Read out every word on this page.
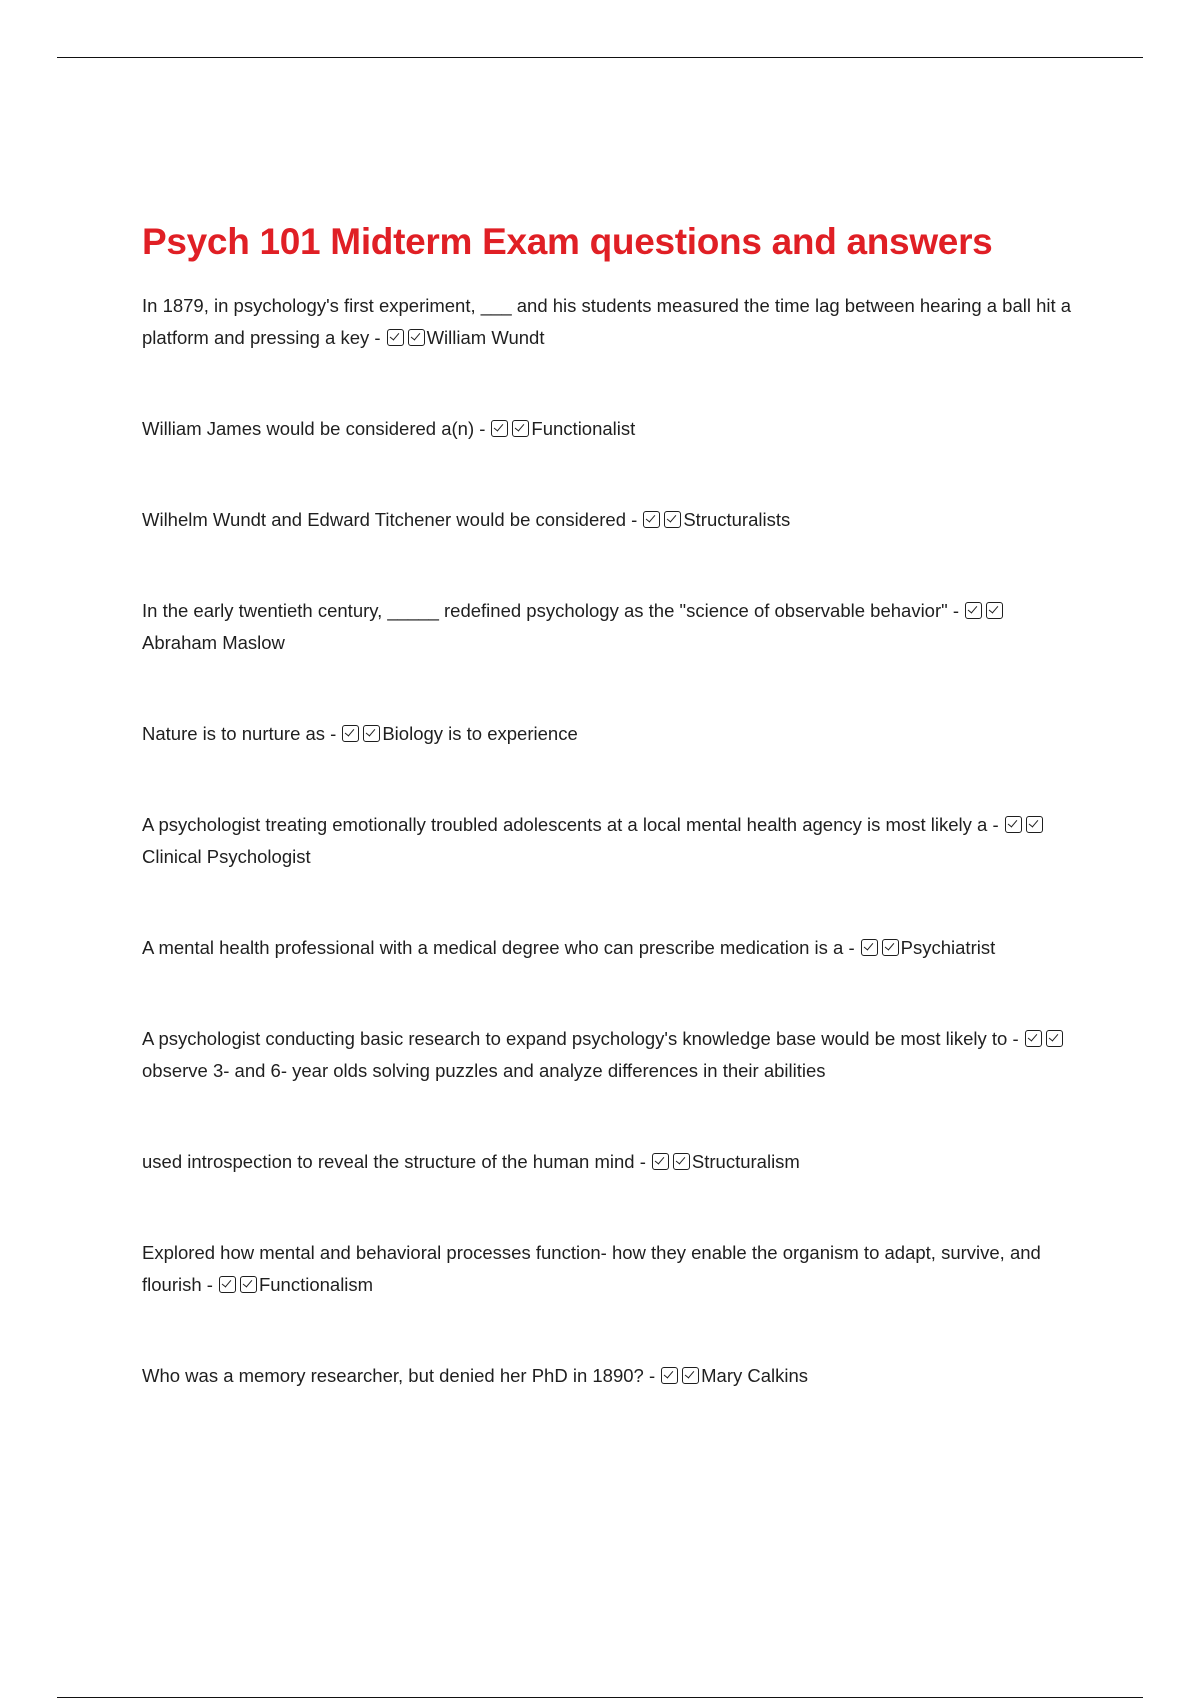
Psych 101 Midterm Exam questions and answers
In 1879, in psychology's first experiment, ___ and his students measured the time lag between hearing a ball hit a platform and pressing a key - William Wundt
William James would be considered a(n) - Functionalist
Wilhelm Wundt and Edward Titchener would be considered - Structuralists
In the early twentieth century, _____ redefined psychology as the "science of observable behavior" -Abraham Maslow
Nature is to nurture as - Biology is to experience
A psychologist treating emotionally troubled adolescents at a local mental health agency is most likely a -Clinical Psychologist
A mental health professional with a medical degree who can prescribe medication is a - Psychiatrist
A psychologist conducting basic research to expand psychology's knowledge base would be most likely to -observe 3- and 6- year olds solving puzzles and analyze differences in their abilities
used introspection to reveal the structure of the human mind - Structuralism
Explored how mental and behavioral processes function- how they enable the organism to adapt, survive, and flourish - Functionalism
Who was a memory researcher, but denied her PhD in 1890? - Mary Calkins
